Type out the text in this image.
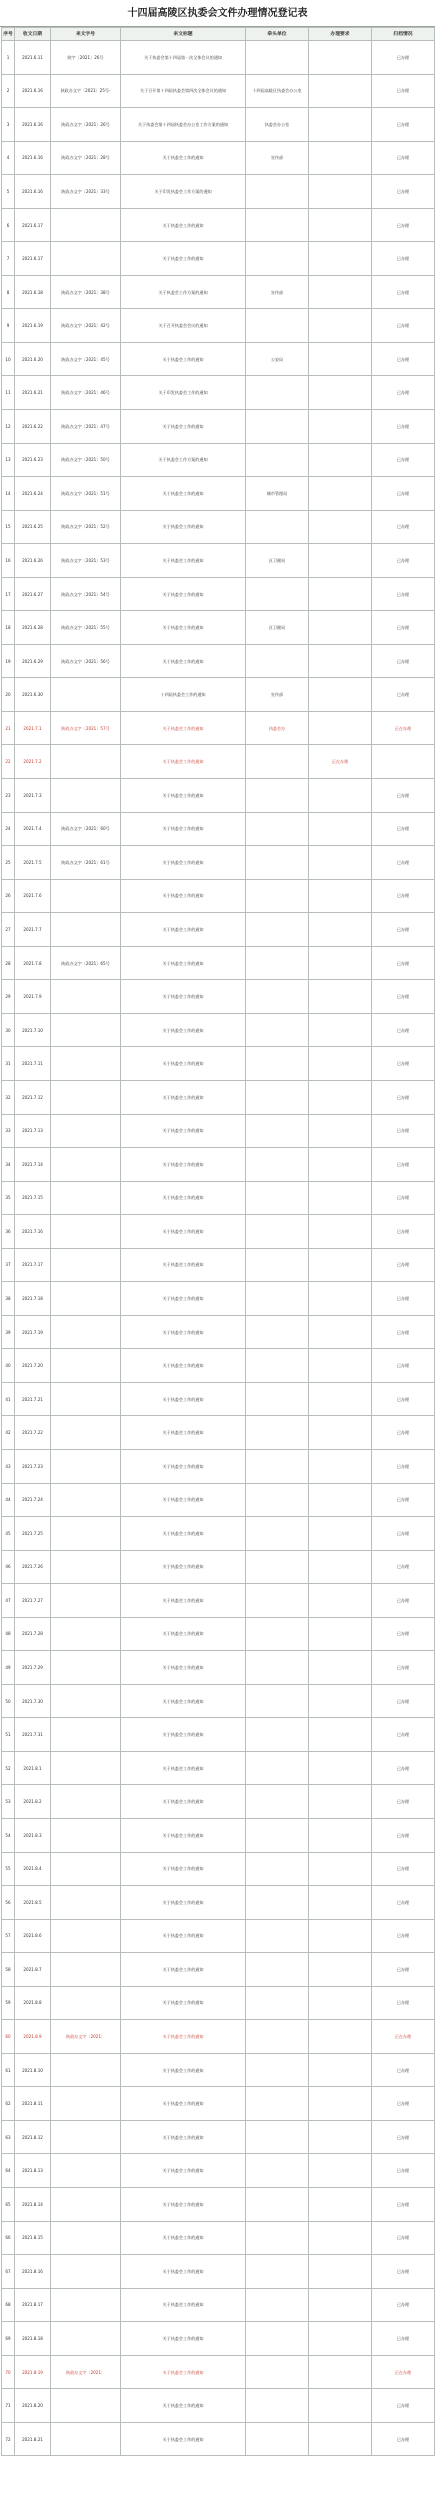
十四届高陵区执委会文件办理情况登记表
序号	收文日期	来文字号	来文标题	牵头单位	办理要求	归档情况
1	2021.6.11	陕字〔2021〕26号	关于执委会第十四届第一次全体会议的通知			已办理
2	2021.6.16	陕政办文字〔2021〕25号-	关于召开第十四届执委会第四次全体会议的通知	十四届高陵区执委会办公室		已办理
3	2021.6.16	陕政办文字〔2021〕26号	关于执委会第十四届执委会办公室工作方案的通知	执委会办公室		已办理
4	2021.6.16	陕政办文字〔2021〕28号	关于执委会工作的通知	宣传部		已办理
5	2021.6.16	陕政办文字〔2021〕33号	关于印发执委会工作方案的通知			已办理
6	2021.6.17		关于执委会工作的通知			已办理
7	2021.6.17		关于执委会工作的通知			已办理
8	2021.6.18	陕政办文字〔2021〕38号	关于执委会工作方案的通知	宣传部		已办理
9	2021.6.19	陕政办文字〔2021〕42号	关于召开执委会会议的通知			已办理
10	2021.6.20	陕政办文字〔2021〕45号	关于执委会工作的通知	公安局		已办理
11	2021.6.21	陕政办文字〔2021〕46号	关于印发执委会工作的通知			已办理
12	2021.6.22	陕政办文字〔2021〕47号	关于执委会工作的通知			已办理
13	2021.6.23	陕政办文字〔2021〕50号	关于执委会工作方案的通知			已办理
14	2021.6.24	陕政办文字〔2021〕51号	关于执委会工作的通知	城市管理局		已办理
15	2021.6.25	陕政办文字〔2021〕52号	关于执委会工作的通知			已办理
16	2021.6.26	陕政办文字〔2021〕53号	关于执委会工作的通知	区卫健局		已办理
17	2021.6.27	陕政办文字〔2021〕54号	关于执委会工作的通知			已办理
18	2021.6.28	陕政办文字〔2021〕55号	关于执委会工作的通知	区卫健局		已办理
19	2021.6.29	陕政办文字〔2021〕56号	关于执委会工作的通知			已办理
20	2021.6.30		十四届执委会工作的通知	宣传部		已办理
21	2021.7.1	陕政办文字〔2021〕57号	关于执委会工作的通知	执委会办		正在办理
22	2021.7.2		关于执委会工作的通知		正在办理	
23	2021.7.3		关于执委会工作的通知			已办理
24	2021.7.4	陕政办文字〔2021〕60号	关于执委会工作的通知			已办理
25	2021.7.5	陕政办文字〔2021〕61号	关于执委会工作的通知			已办理
26	2021.7.6		关于执委会工作的通知			已办理
27	2021.7.7		关于执委会工作的通知			已办理
28	2021.7.8	陕政办文字〔2021〕65号	关于执委会工作的通知			已办理
29	2021.7.9		关于执委会工作的通知			已办理
30	2021.7.10		关于执委会工作的通知			已办理
31	2021.7.11		关于执委会工作的通知			已办理
32	2021.7.12		关于执委会工作的通知			已办理
33	2021.7.13		关于执委会工作的通知			已办理
34	2021.7.14		关于执委会工作的通知			已办理
35	2021.7.15		关于执委会工作的通知			已办理
36	2021.7.16		关于执委会工作的通知			已办理
37	2021.7.17		关于执委会工作的通知			已办理
38	2021.7.18		关于执委会工作的通知			已办理
39	2021.7.19		关于执委会工作的通知			已办理
40	2021.7.20		关于执委会工作的通知			已办理
41	2021.7.21		关于执委会工作的通知			已办理
42	2021.7.22		关于执委会工作的通知			已办理
43	2021.7.23		关于执委会工作的通知			已办理
44	2021.7.24		关于执委会工作的通知			已办理
45	2021.7.25		关于执委会工作的通知			已办理
46	2021.7.26		关于执委会工作的通知			已办理
47	2021.7.27		关于执委会工作的通知			已办理
48	2021.7.28		关于执委会工作的通知			已办理
49	2021.7.29		关于执委会工作的通知			已办理
50	2021.7.30		关于执委会工作的通知			已办理
51	2021.7.31		关于执委会工作的通知			已办理
52	2021.8.1		关于执委会工作的通知			已办理
53	2021.8.2		关于执委会工作的通知			已办理
54	2021.8.3		关于执委会工作的通知			已办理
55	2021.8.4		关于执委会工作的通知			已办理
56	2021.8.5		关于执委会工作的通知			已办理
57	2021.8.6		关于执委会工作的通知			已办理
58	2021.8.7		关于执委会工作的通知			已办理
59	2021.8.8		关于执委会工作的通知			已办理
60	2021.8.9	陕政办文字〔2021〕	关于执委会工作的通知			正在办理
61	2021.8.10		关于执委会工作的通知			已办理
62	2021.8.11		关于执委会工作的通知			已办理
63	2021.8.12		关于执委会工作的通知			已办理
64	2021.8.13		关于执委会工作的通知			已办理
65	2021.8.14		关于执委会工作的通知			已办理
66	2021.8.15		关于执委会工作的通知			已办理
67	2021.8.16		关于执委会工作的通知			已办理
68	2021.8.17		关于执委会工作的通知			已办理
69	2021.8.18		关于执委会工作的通知			已办理
70	2021.8.19	陕政办文字〔2021〕	关于执委会工作的通知			正在办理
71	2021.8.20		关于执委会工作的通知			已办理
72	2021.8.21		关于执委会工作的通知			已办理
